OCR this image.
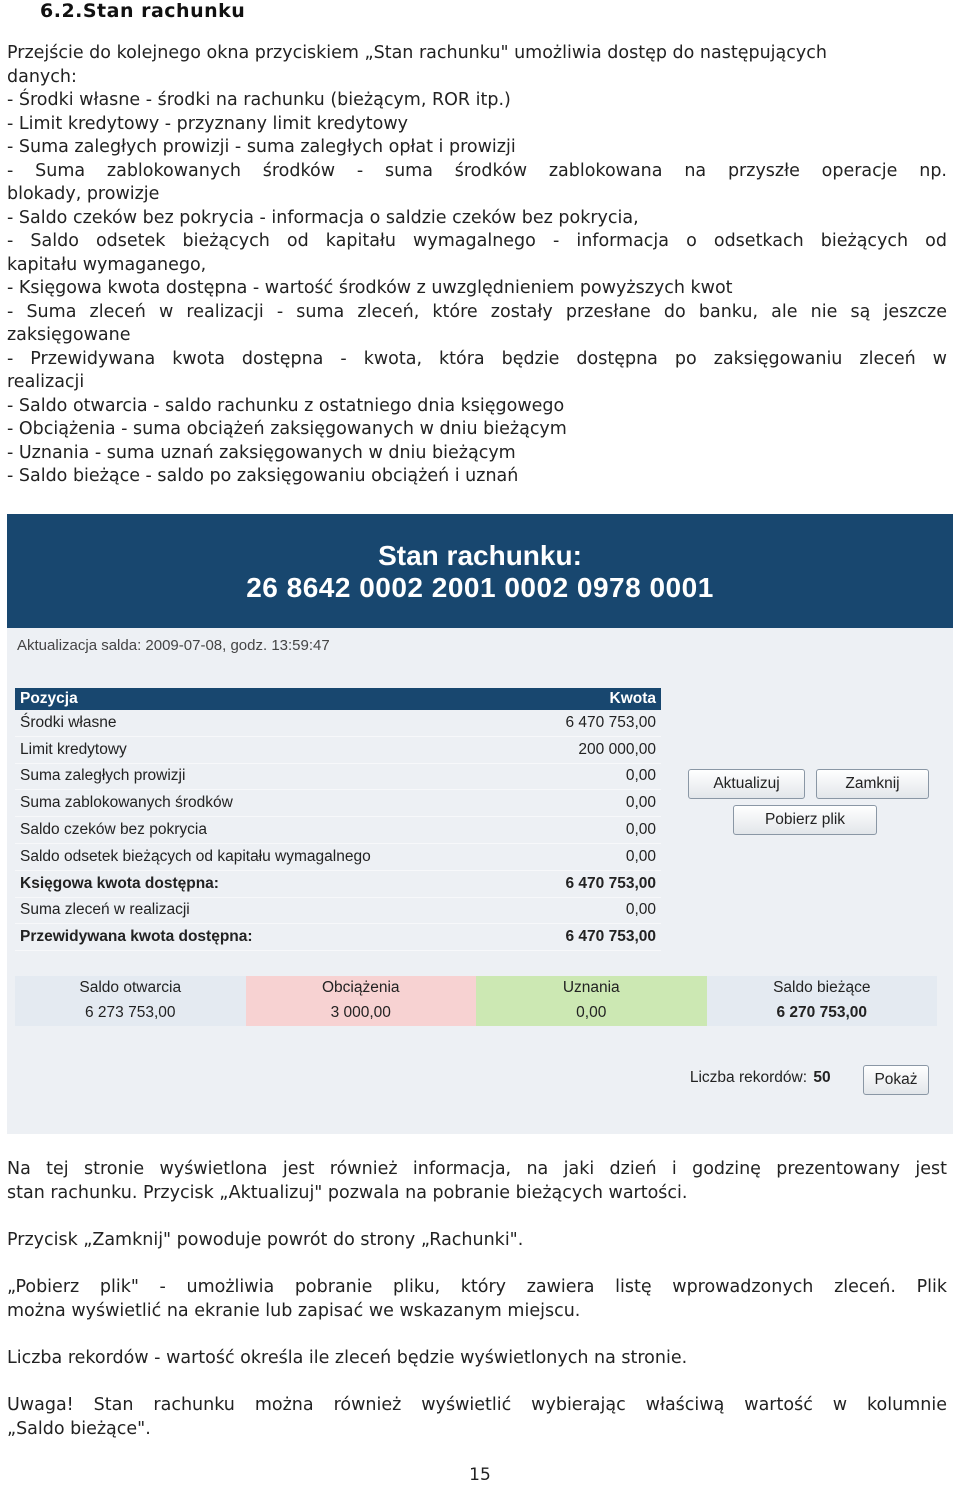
6.2.Stan rachunku
Przejście do kolejnego okna przyciskiem „Stan rachunku" umożliwia dostęp do następujących
danych:
- Środki własne - środki na rachunku (bieżącym, ROR itp.)
- Limit kredytowy - przyznany limit kredytowy
- Suma zaległych prowizji - suma zaległych opłat i prowizji
- Suma zablokowanych środków - suma środków zablokowana na przyszłe operacje np.
blokady, prowizje
- Saldo czeków bez pokrycia - informacja o saldzie czeków bez pokrycia,
- Saldo odsetek bieżących od kapitału wymagalnego - informacja o odsetkach bieżących od
kapitału wymaganego,
- Księgowa kwota dostępna - wartość środków z uwzględnieniem powyższych kwot
- Suma zleceń w realizacji - suma zleceń, które zostały przesłane do banku, ale nie są jeszcze
zaksięgowane
- Przewidywana kwota dostępna - kwota, która będzie dostępna po zaksięgowaniu zleceń w
realizacji
- Saldo otwarcia - saldo rachunku z ostatniego dnia księgowego
- Obciążenia - suma obciążeń zaksięgowanych w dniu bieżącym
- Uznania - suma uznań zaksięgowanych w dniu bieżącym
- Saldo bieżące - saldo po zaksięgowaniu obciążeń i uznań
Stan rachunku:
26 8642 0002 2001 0002 0978 0001
Aktualizacja salda: 2009-07-08, godz. 13:59:47
Pozycja	Kwota
Środki własne	6 470 753,00
Limit kredytowy	200 000,00
Suma zaległych prowizji	0,00
Suma zablokowanych środków	0,00
Saldo czeków bez pokrycia	0,00
Saldo odsetek bieżących od kapitału wymagalnego	0,00
Księgowa kwota dostępna:	6 470 753,00
Suma zleceń w realizacji	0,00
Przewidywana kwota dostępna:	6 470 753,00
Aktualizuj	Zamknij
Pobierz plik
Saldo otwarcia	Obciążenia	Uznania	Saldo bieżące
6 273 753,00	3 000,00	0,00	6 270 753,00
Liczba rekordów: 50	Pokaż
Na tej stronie wyświetlona jest również informacja, na jaki dzień i godzinę prezentowany jest
stan rachunku. Przycisk „Aktualizuj" pozwala na pobranie bieżących wartości.
Przycisk „Zamknij" powoduje powrót do strony „Rachunki".
„Pobierz plik" - umożliwia pobranie pliku, który zawiera listę wprowadzonych zleceń. Plik
można wyświetlić na ekranie lub zapisać we wskazanym miejscu.
Liczba rekordów - wartość określa ile zleceń będzie wyświetlonych na stronie.
Uwaga! Stan rachunku można również wyświetlić wybierając właściwą wartość w kolumnie
„Saldo bieżące".
15
